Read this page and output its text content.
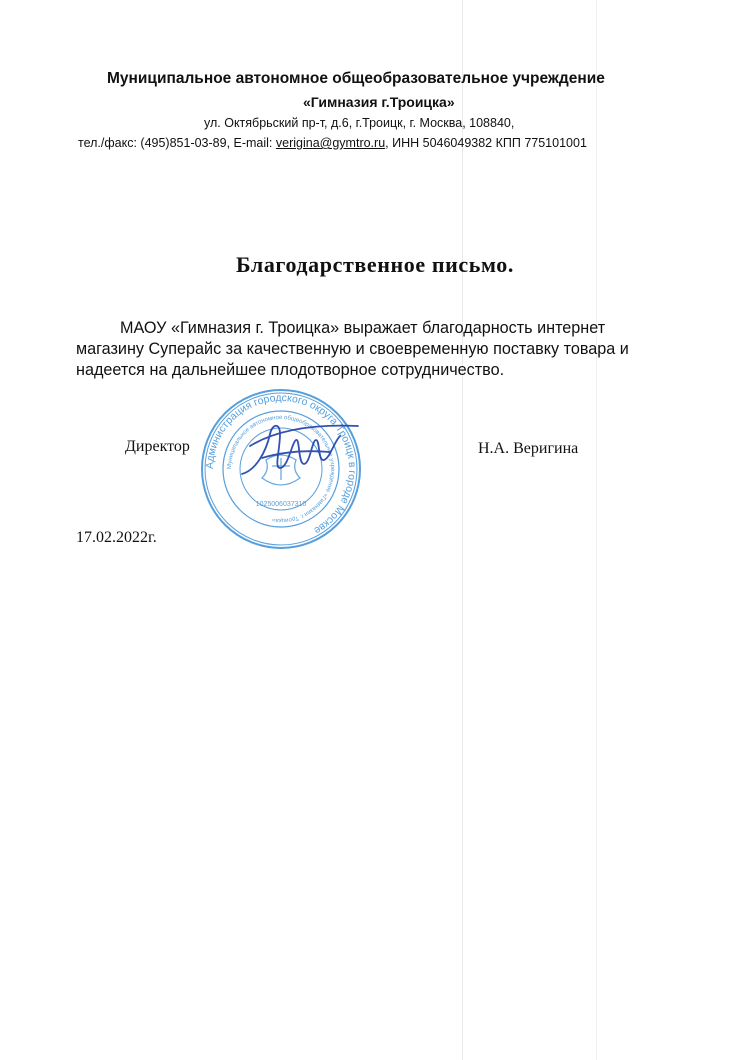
Муниципальное автономное общеобразовательное учреждение
«Гимназия г.Троицка»
ул. Октябрьский пр-т, д.6, г.Троицк, г. Москва, 108840,
тел./факс: (495)851-03-89, E-mail: verigina@gymtro.ru, ИНН 5046049382 КПП 775101001
Благодарственное письмо.
МАОУ «Гимназия г. Троицка» выражает благодарность интернет
магазину Суперайс за качественную и своевременную поставку товара и
надеется на дальнейшее плодотворное сотрудничество.
Директор	Н.А. Веригина
17.02.2022г.
Администрация городского округа Троицк в городе Москве
Муниципальное автономное общеобразовательное учреждение «Гимназия г. Троицка»
1025006037310
